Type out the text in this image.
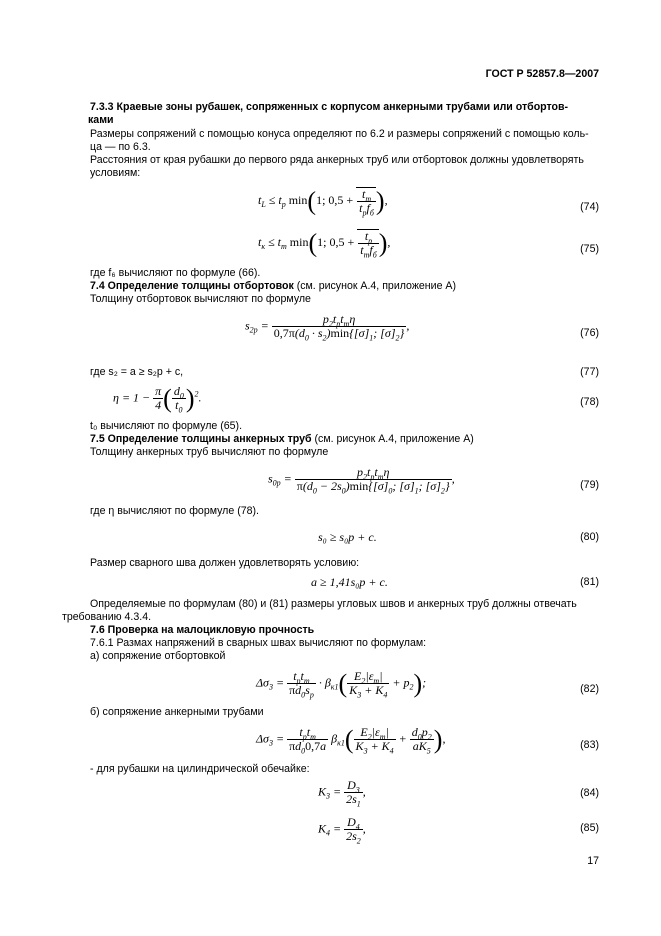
ГОСТ Р 52857.8—2007
7.3.3 Краевые зоны рубашек, сопряженных с корпусом анкерными трубами или отбортов-
ками
Размеры сопряжений с помощью конуса определяют по 6.2 и размеры сопряжений с помощью коль-
ца — по 6.3.
Расстояния от края рубашки до первого ряда анкерных труб или отбортовок должны удовлетворять
условиям:
$t_L \le t_р$ min(1; $0,5 + \frac{t_т}{t_рf_б}$ ),
(74)
$t_к \le t_т$ min(1; $0,5 + \frac{t_р}{t_тf_б}$ ),
(75)
где f₆ вычисляют по формуле (66).
7.4 Определение толщины отбортовок (см. рисунок А.4, приложение А)
Толщину отбортовок вычисляют по формуле
$s_{2р} = \frac{p_2t_рt_т\eta}{0,7\pi(d_0 \cdot s_2)\min\{[\sigma]_1; [\sigma]_2\}}$ ,
(76)
где s₂ = a ≥ s₂р + c,	(77)
$\eta = 1 - \frac{\pi}{4}$ ( $\frac{d_0}{t_0} )^2$.	(78)
t₀ вычисляют по формуле (65).
7.5 Определение толщины анкерных труб (см. рисунок А.4, приложение А)
Толщину анкерных труб вычисляют по формуле
$s_{0р} = \frac{p_2t_рt_т\eta}{\pi(d_0 - 2s_0)\min\{[\sigma]_0; [\sigma]_1; [\sigma]_2\}}$ ,	(79)
где η вычисляют по формуле (78).
s₀ ≥ s₀р + c.	(80)
Размер сварного шва должен удовлетворять условию:
a ≥ 1,41s₀р + c.	(81)
Определяемые по формулам (80) и (81) размеры угловых швов и анкерных труб должны отвечать
требованию 4.3.4.
7.6 Проверка на малоцикловую прочность
7.6.1 Размах напряжений в сварных швах вычисляют по формулам:
а) сопряжение отбортовкой
$\Delta\sigma_3 = \frac{t_рt_т}{\pi d_0s_р} \cdot \beta_{к1}( \frac{E_2|\varepsilon_т|}{K_3 + K_4} + p_2)$;	(82)
б) сопряжение анкерными трубами
$\Delta\sigma_3 = \frac{t_рt_т}{\pi d_00,7a} \beta_{к1}( \frac{E_2|\varepsilon_т|}{K_3 + K_4} + \frac{d_0p_2}{aK_5}$ ),	(83)
- для рубашки на цилиндрической обечайке:
$K_3 = \frac{D_3}{2s_1}$ ,	(84)
$K_4 = \frac{D_4}{2s_2}$ ,	(85)
17
